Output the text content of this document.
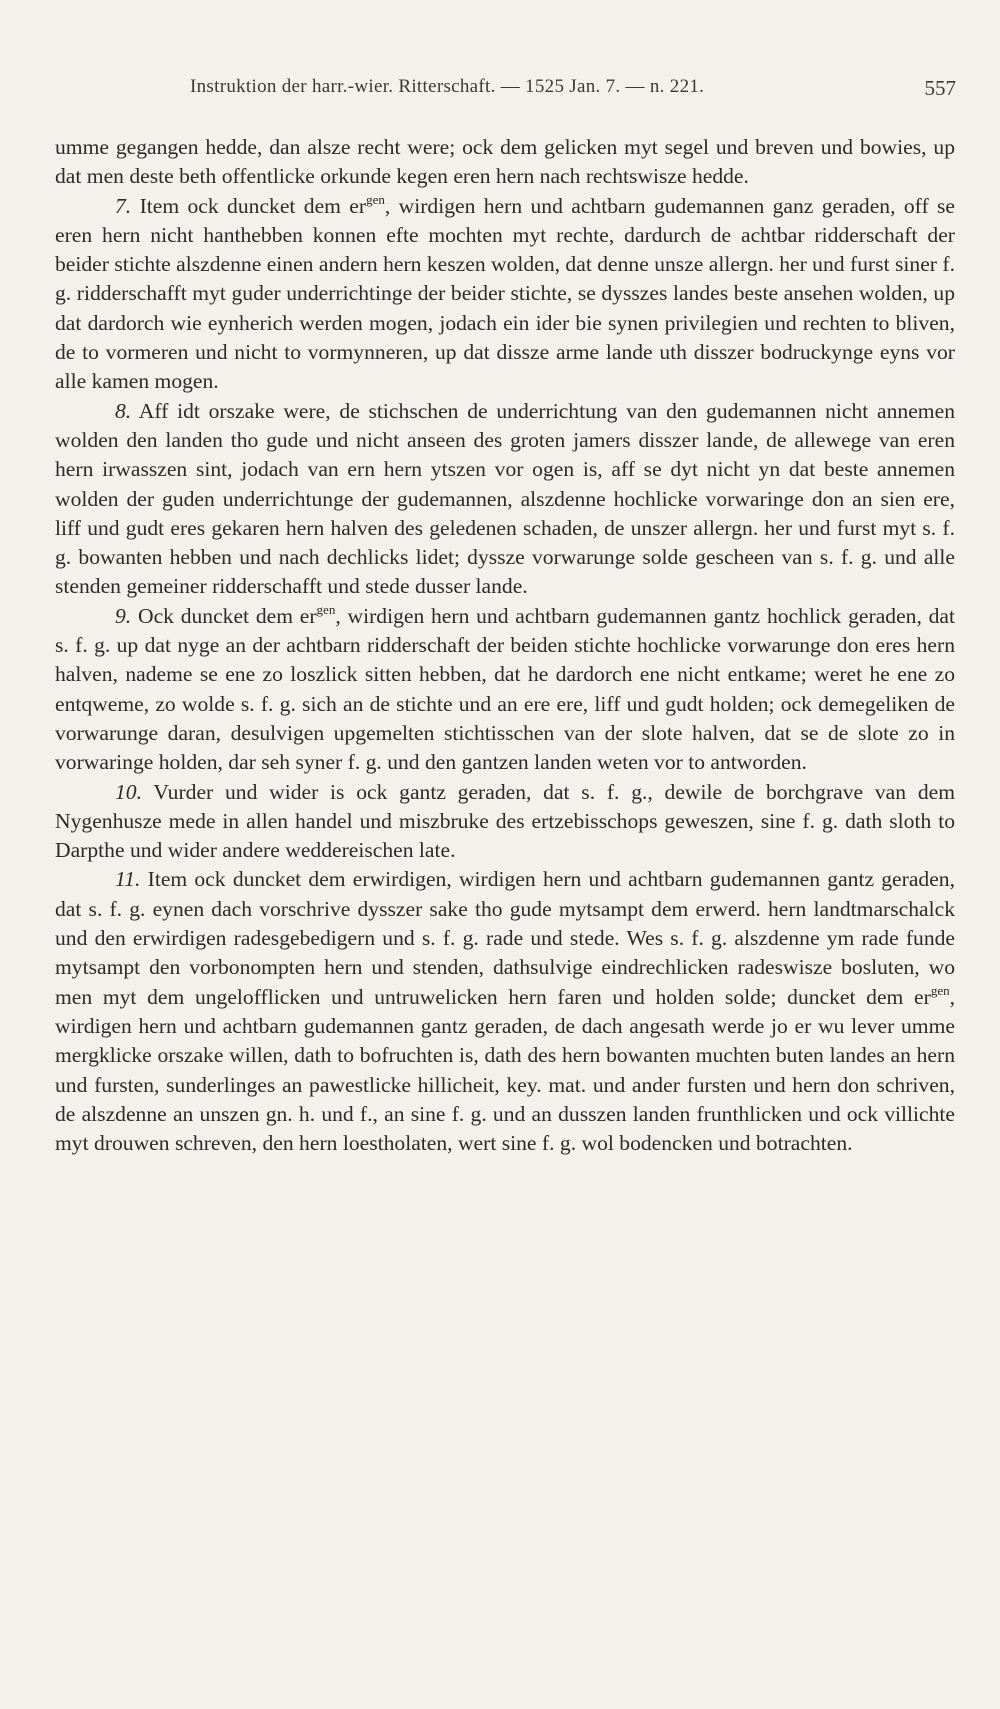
Instruktion der harr.-wier. Ritterschaft. — 1525 Jan. 7. — n. 221.	557

umme gegangen hedde, dan alsze recht were; ock dem gelicken myt segel und breven und bowies, up dat men deste beth offentlicke orkunde kegen eren hern nach rechtswisze hedde.

7. Item ock duncket dem $er^{gen}$, wirdigen hern und achtbarn gudemannen ganz geraden, off se eren hern nicht hanthebben konnen efte mochten myt rechte, dardurch de achtbar ridderschaft der beider stichte alszdenne einen andern hern keszen wolden, dat denne unsze allergn. her und furst siner f. g. ridderschafft myt guder underrichtinge der beider stichte, se dysszes landes beste ansehen wolden, up dat dardorch wie eynherich werden mogen, jodach ein ider bie synen privilegien und rechten to bliven, de to vormeren und nicht to vormynneren, up dat dissze arme lande uth disszer bodruckynge eyns vor alle kamen mogen.

8. Aff idt orszake were, de stichschen de underrichtung van den gudemannen nicht annemen wolden den landen tho gude und nicht anseen des groten jamers disszer lande, de allewege van eren hern irwasszen sint, jodach van ern hern ytszen vor ogen is, aff se dyt nicht yn dat beste annemen wolden der guden underrichtunge der gudemannen, alszdenne hochlicke vorwaringe don an sien ere, liff und gudt eres gekaren hern halven des geledenen schaden, de unszer allergn. her und furst myt s. f. g. bowanten hebben und nach dechlicks lidet; dyssze vorwarunge solde gescheen van s. f. g. und alle stenden gemeiner ridderschafft und stede dusser lande.

9. Ock duncket dem $er^{gen}$, wirdigen hern und achtbarn gudemannen gantz hochlick geraden, dat s. f. g. up dat nyge an der achtbarn ridderschaft der beiden stichte hochlicke vorwarunge don eres hern halven, nademe se ene zo loszlick sitten hebben, dat he dardorch ene nicht entkame; weret he ene zo entqweme, zo wolde s. f. g. sich an de stichte und an ere ere, liff und gudt holden; ock demegeliken de vorwarunge daran, desulvigen upgemelten stichtisschen van der slote halven, dat se de slote zo in vorwaringe holden, dar seh syner f. g. und den gantzen landen weten vor to antworden.

10. Vurder und wider is ock gantz geraden, dat s. f. g., dewile de borchgrave van dem Nygenhusze mede in allen handel und miszbruke des ertzebisschops geweszen, sine f. g. dath sloth to Darpthe und wider andere weddereischen late.

11. Item ock duncket dem erwirdigen, wirdigen hern und achtbarn gudemannen gantz geraden, dat s. f. g. eynen dach vorschrive dysszer sake tho gude mytsampt dem erwerd. hern landtmarschalck und den erwirdigen radesgebedigern und s. f. g. rade und stede. Wes s. f. g. alszdenne ym rade funde mytsampt den vorbonompten hern und stenden, dathsulvige eindrechlicken radeswisze bosluten, wo men myt dem ungelofflicken und untruwelicken hern faren und holden solde; duncket dem $er^{gen}$, wirdigen hern und achtbarn gudemannen gantz geraden, de dach angesath werde jo er wu lever umme mergklicke orszake willen, dath to bofruchten is, dath des hern bowanten muchten buten landes an hern und fursten, sunderlinges an pawestlicke hillicheit, key. mat. und ander fursten und hern don schriven, de alszdenne an unszen gn. h. und f., an sine f. g. und an dusszen landen frunthlicken und ock villichte myt drouwen schreven, den hern loestholaten, wert sine f. g. wol bodencken und botrachten.
